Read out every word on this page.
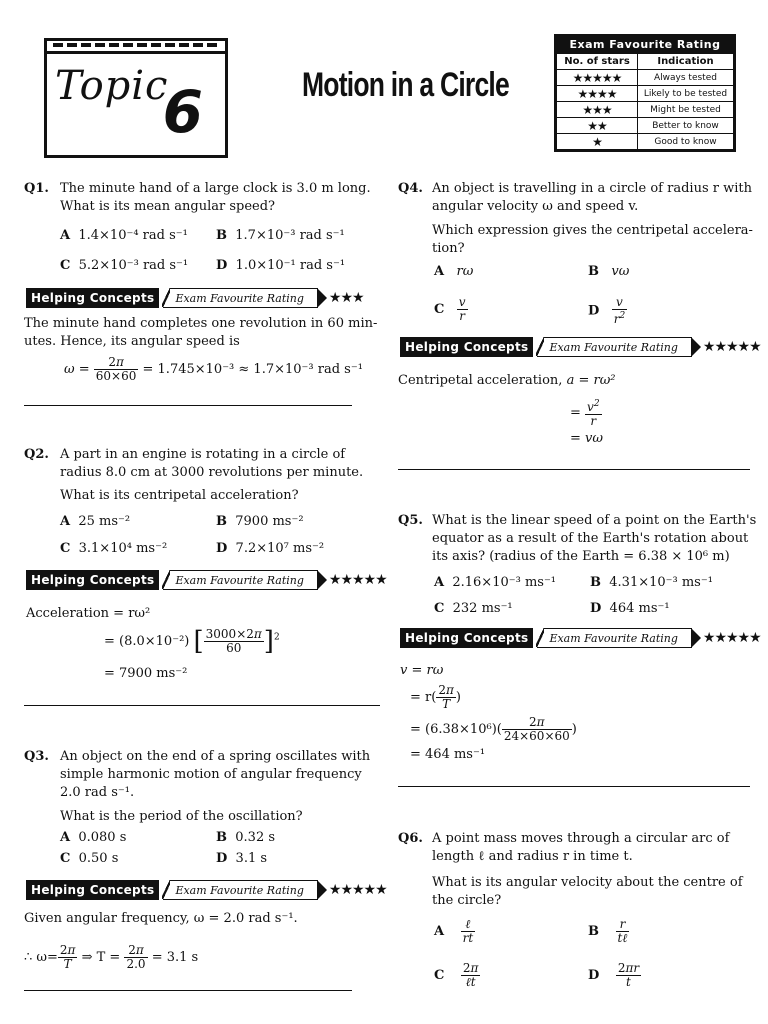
Topic
6	Motion in a Circle
Exam Favourite Rating
No. of stars	Indication
★★★★★	Always tested
★★★★	Likely to be tested
★★★	Might be tested
★★	Better to know
★	Good to know
Q1. The minute hand of a large clock is 3.0 m long. What is its mean angular speed?
A 1.4×10⁻⁴ rad s⁻¹ B 1.7×10⁻³ rad s⁻¹
C 5.2×10⁻³ rad s⁻¹ D 1.0×10⁻¹ rad s⁻¹
Helping Concepts	Exam Favourite Rating	★★★
The minute hand completes one revolution in 60 min-utes. Hence, its angular speed is
$\omega = \frac{2\pi}{60\times 60} = 1.745\times 10^{-3} \approx 1.7\times 10^{-3}$ rad s⁻¹
Q2. A part in an engine is rotating in a circle of radius 8.0 cm at 3000 revolutions per minute.
What is its centripetal acceleration?
A 25 ms⁻²	B 7900 ms⁻²
C 3.1×10⁴ ms⁻²	D 7.2×10⁷ ms⁻²
Helping Concepts	Exam Favourite Rating	★★★★★
Acceleration = rω²
= (8.0×10⁻²) [ $\frac{3000\times 2\pi}{60} ]^2$
= 7900 ms⁻²
Q3. An object on the end of a spring oscillates with simple harmonic motion of angular frequency 2.0 rad s⁻¹.
What is the period of the oscillation?
A 0.080 s	B 0.32 s
C 0.50 s	D 3.1 s
Helping Concepts	Exam Favourite Rating	★★★★★
Given angular frequency, ω = 2.0 rad s⁻¹.
∴ $\omega= \frac{2\pi}{T}$ ⇒ $T = \frac{2\pi}{2.0} = 3.1$ s
Q4. An object is travelling in a circle of radius r with angular velocity ω and speed v.
Which expression gives the centripetal accelera-tion?
A rω	B vω
C $\frac{v}{r}$	D $\frac{v}{r^2}$
Helping Concepts	Exam Favourite Rating	★★★★★
Centripetal acceleration, a = rω²
= $\frac{v^2}{r}$
= vω
Q5. What is the linear speed of a point on the Earth's equator as a result of the Earth's rotation about its axis? (radius of the Earth = 6.38 × 10⁶ m)
A 2.16×10⁻³ ms⁻¹	B 4.31×10⁻³ ms⁻¹
C 232 ms⁻¹	D 464 ms⁻¹
Helping Concepts	Exam Favourite Rating	★★★★★
v = rω
= $r( \frac{2\pi}{T}$ )
= $(6.38\times 10^6)( \frac{2\pi}{24\times 60\times 60}$ )
= 464 ms⁻¹
Q6. A point mass moves through a circular arc of length ℓ and radius r in time t.
What is its angular velocity about the centre of the circle?
A $\frac{\text{ℓ}}{rt}$	B $\frac{r}{\text{tℓ}}$
C $\frac{2\pi}{\text{ℓt}}$	D $\frac{2\pi r}{t}$
